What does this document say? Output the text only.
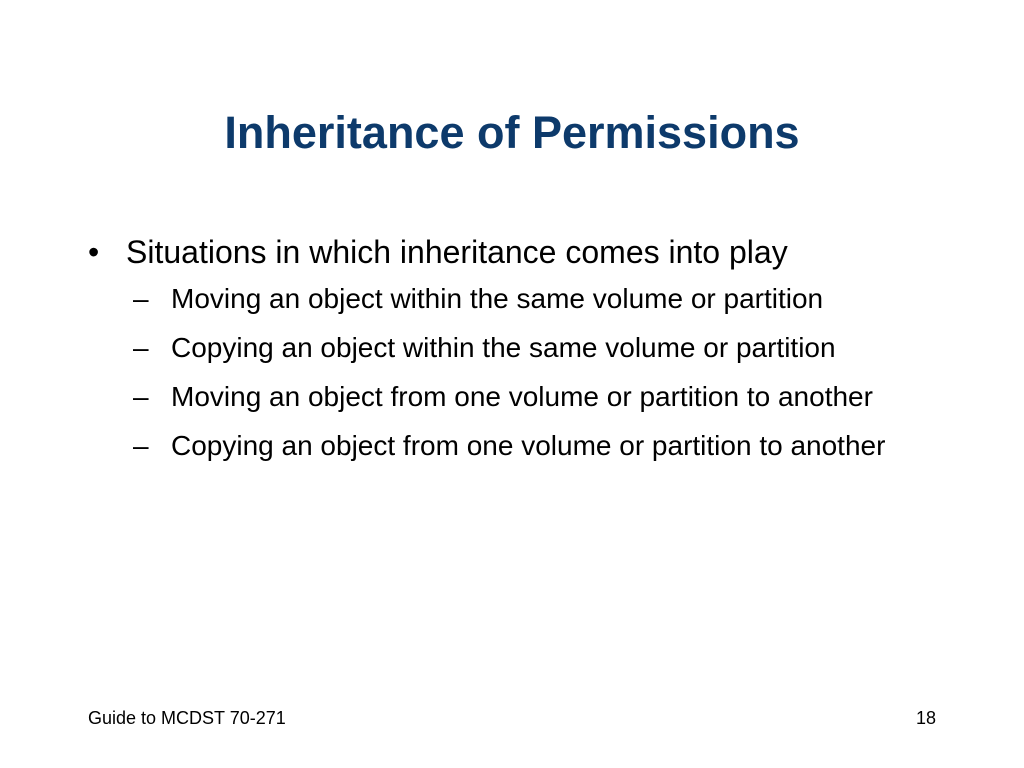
Inheritance of Permissions
• Situations in which inheritance comes into play
– Moving an object within the same volume or partition
– Copying an object within the same volume or partition
– Moving an object from one volume or partition to another
– Copying an object from one volume or partition to another
Guide to MCDST 70-271	18
